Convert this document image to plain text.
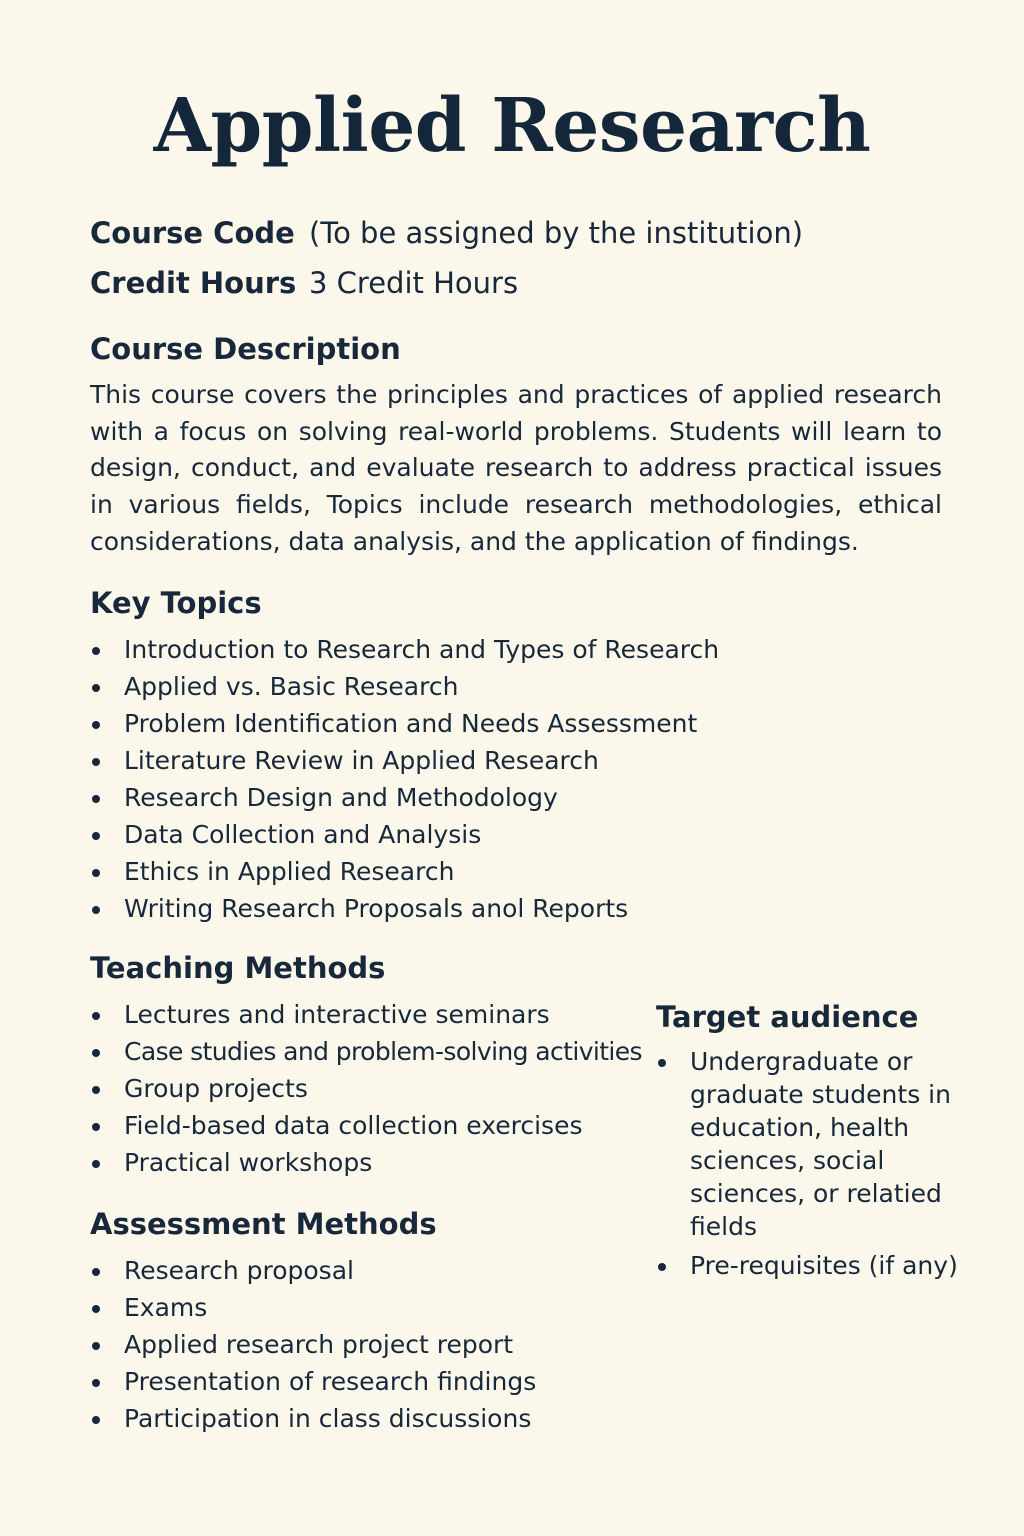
Applied Research
Course Code (To be assigned by the institution)
Credit Hours 3 Credit Hours
Course Description

This course covers the principles and practices of applied research with a focus on solving real-world problems. Students will learn to design, conduct, and evaluate research to address practical issues in various fields, Topics include research methodologies, ethical considerations, data analysis, and the application of findings.

Key Topics
Introduction to Research and Types of Research
Applied vs. Basic Research
Problem Identification and Needs Assessment
Literature Review in Applied Research
Research Design and Methodology
Data Collection and Analysis
Ethics in Applied Research
Writing Research Proposals anol Reports
Teaching Methods
Lectures and interactive seminars
Case studies and problem-solving activities
Group projects
Field-based data collection exercises
Practical workshops
Assessment Methods
Research proposal
Exams
Applied research project report
Presentation of research findings
Participation in class discussions
Target audience
Undergraduate or graduate students in education, health sciences, social sciences, or relatied fields
Pre-requisites (if any)
